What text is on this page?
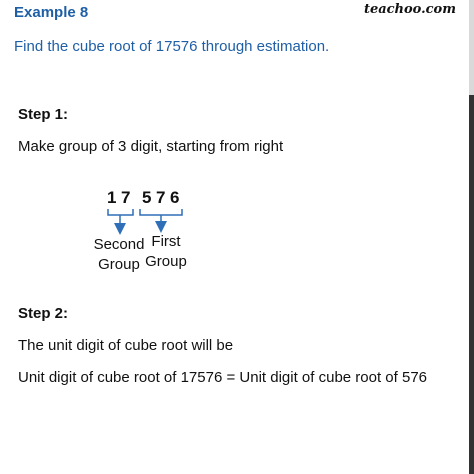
Example 8	teachoo.com
Find the cube root of 17576 through estimation.
Step 1:
Make group of 3 digit, starting from right
1 7 5 7 6
Second
Group
First
Group
Step 2:
The unit digit of cube root will be
Unit digit of cube root of 17576 = Unit digit of cube root of 576
